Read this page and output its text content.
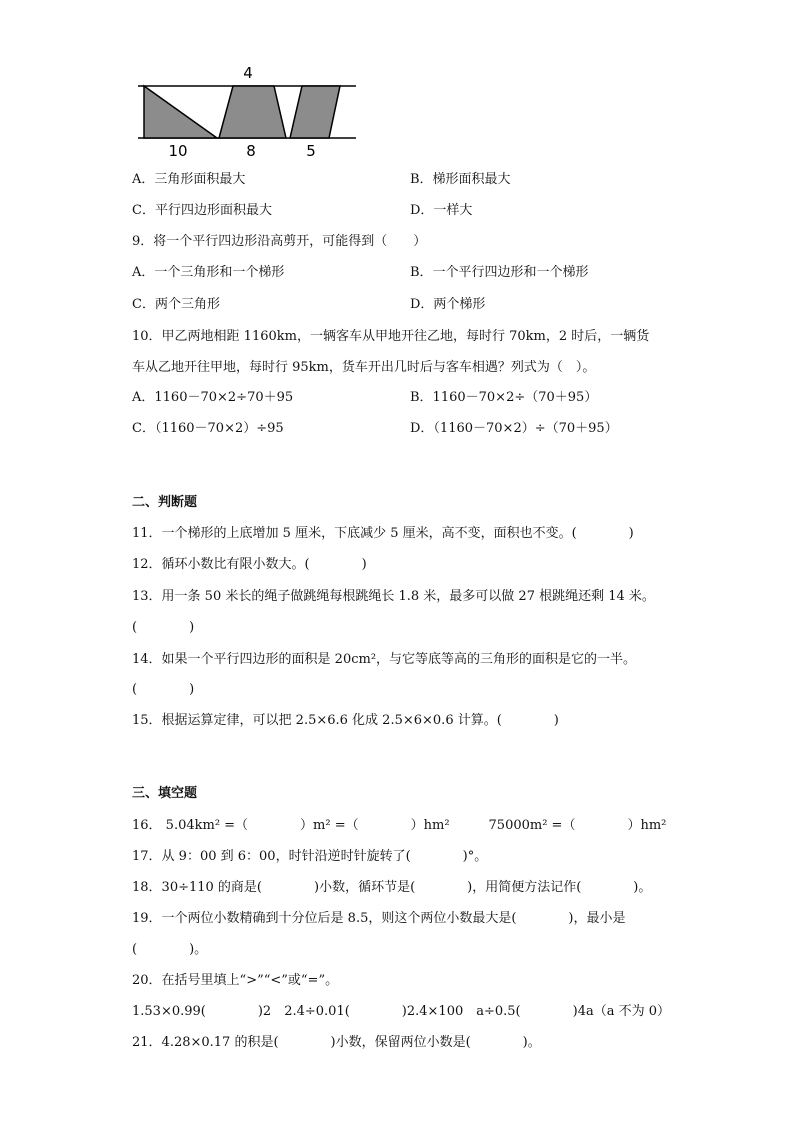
4
10	8	5
A．三角形面积最大	B．梯形面积最大
C．平行四边形面积最大	D．一样大
9．将一个平行四边形沿高剪开，可能得到（　　）
A．一个三角形和一个梯形	B．一个平行四边形和一个梯形
C．两个三角形	D．两个梯形
10．甲乙两地相距 1160km，一辆客车从甲地开往乙地，每时行 70km，2 时后，一辆货
车从乙地开往甲地，每时行 95km，货车开出几时后与客车相遇？列式为（　）。
A．1160－70×2÷70＋95	B．1160－70×2÷（70＋95）
C．（1160－70×2）÷95	D．（1160－70×2）÷（70＋95）
二、判断题
11．一个梯形的上底增加 5 厘米，下底减少 5 厘米，高不变，面积也不变。(　　　　)
12．循环小数比有限小数大。(　　　　)
13．用一条 50 米长的绳子做跳绳每根跳绳长 1.8 米，最多可以做 27 根跳绳还剩 14 米。
(　　　　)
14．如果一个平行四边形的面积是 20cm²，与它等底等高的三角形的面积是它的一半。
(　　　　)
15．根据运算定律，可以把 2.5×6.6 化成 2.5×6×0.6 计算。(　　　　)
三、填空题
16． 5.04km² =（　　　　）m² =（　　　　）hm²　　　75000m² =（　　　　）hm²
17．从 9：00 到 6：00，时针沿逆时针旋转了(　　　　)°。
18．30÷110 的商是(　　　　)小数，循环节是(　　　　)，用简便方法记作(　　　　)。
19．一个两位小数精确到十分位后是 8.5，则这个两位小数最大是(　　　　)，最小是
(　　　　)。
20．在括号里填上“>”“<”或“=”。
1.53×0.99(　　　　)2　2.4÷0.01(　　　　)2.4×100　a÷0.5(　　　　)4a（a 不为 0）
21．4.28×0.17 的积是(　　　　)小数，保留两位小数是(　　　　)。
